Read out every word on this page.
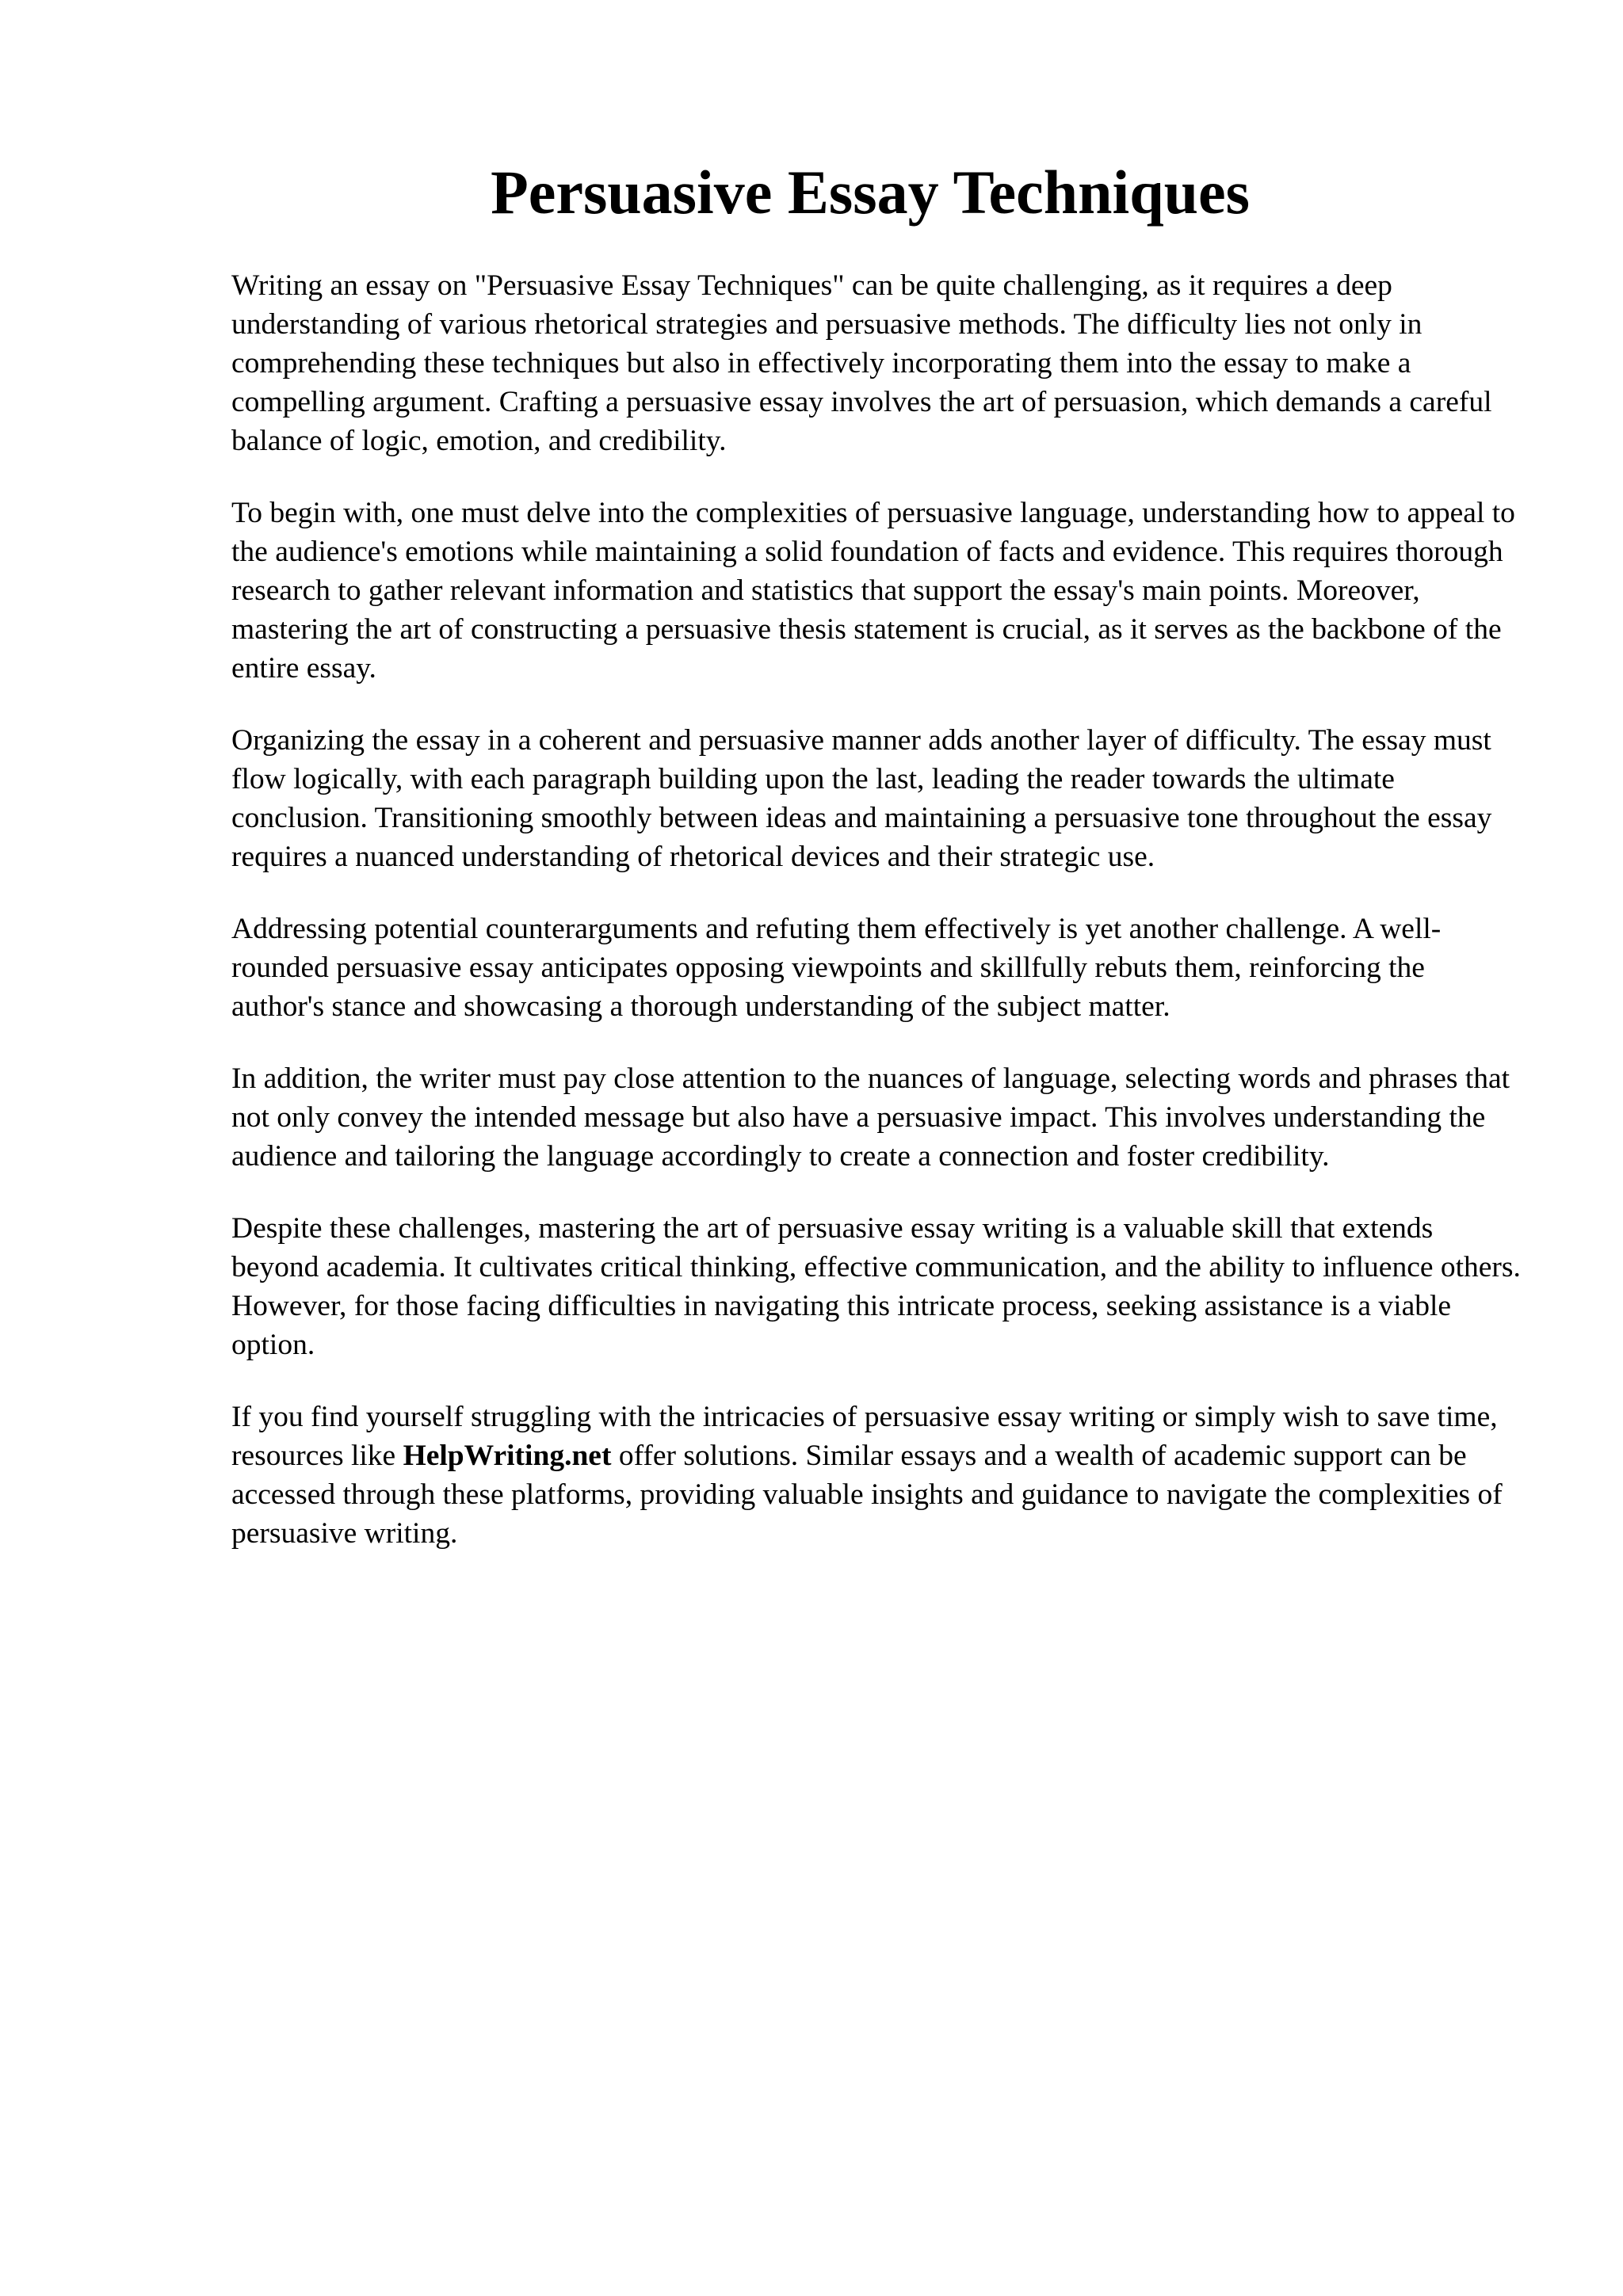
Persuasive Essay Techniques

Writing an essay on "Persuasive Essay Techniques" can be quite challenging, as it requires a deep understanding of various rhetorical strategies and persuasive methods. The difficulty lies not only in comprehending these techniques but also in effectively incorporating them into the essay to make a compelling argument. Crafting a persuasive essay involves the art of persuasion, which demands a careful balance of logic, emotion, and credibility.

To begin with, one must delve into the complexities of persuasive language, understanding how to appeal to the audience's emotions while maintaining a solid foundation of facts and evidence. This requires thorough research to gather relevant information and statistics that support the essay's main points. Moreover, mastering the art of constructing a persuasive thesis statement is crucial, as it serves as the backbone of the entire essay.

Organizing the essay in a coherent and persuasive manner adds another layer of difficulty. The essay must flow logically, with each paragraph building upon the last, leading the reader towards the ultimate conclusion. Transitioning smoothly between ideas and maintaining a persuasive tone throughout the essay requires a nuanced understanding of rhetorical devices and their strategic use.

Addressing potential counterarguments and refuting them effectively is yet another challenge. A well-rounded persuasive essay anticipates opposing viewpoints and skillfully rebuts them, reinforcing the author's stance and showcasing a thorough understanding of the subject matter.

In addition, the writer must pay close attention to the nuances of language, selecting words and phrases that not only convey the intended message but also have a persuasive impact. This involves understanding the audience and tailoring the language accordingly to create a connection and foster credibility.

Despite these challenges, mastering the art of persuasive essay writing is a valuable skill that extends beyond academia. It cultivates critical thinking, effective communication, and the ability to influence others. However, for those facing difficulties in navigating this intricate process, seeking assistance is a viable option.

If you find yourself struggling with the intricacies of persuasive essay writing or simply wish to save time, resources like HelpWriting.net offer solutions. Similar essays and a wealth of academic support can be accessed through these platforms, providing valuable insights and guidance to navigate the complexities of persuasive writing.
